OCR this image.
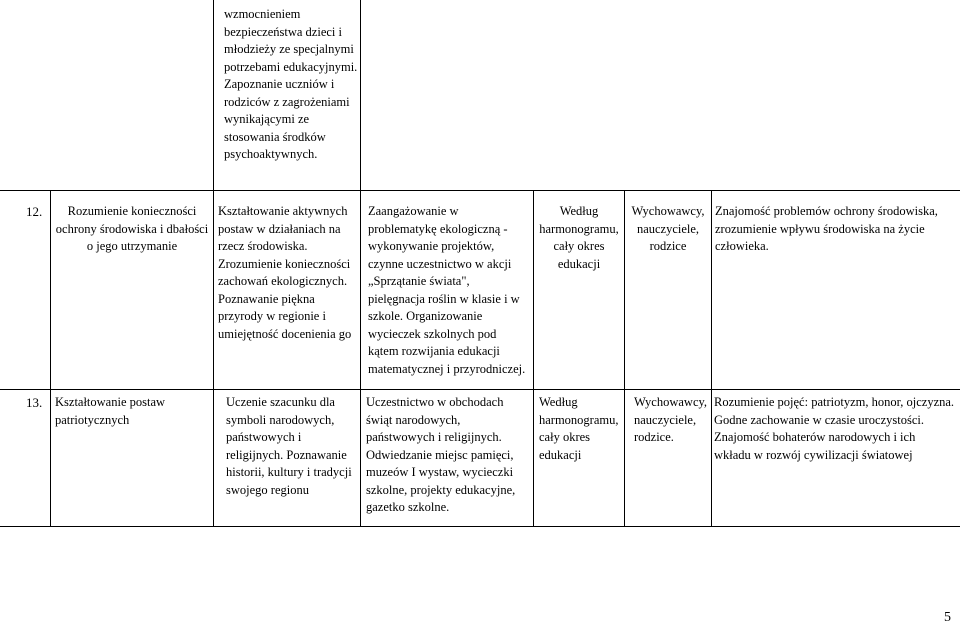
wzmocnieniem
bezpieczeństwa dzieci i
młodzieży ze specjalnymi
potrzebami edukacyjnymi.
Zapoznanie uczniów i
rodziców z zagrożeniami
wynikającymi ze
stosowania środków
psychoaktywnych.
12.	Rozumienie konieczności
ochrony środowiska i dbałości
o jego utrzymanie
Kształtowanie aktywnych
postaw w działaniach na
rzecz środowiska.
Zrozumienie konieczności
zachowań ekologicznych.
Poznawanie piękna
przyrody w regionie i
umiejętność docenienia go
Zaangażowanie w
problematykę ekologiczną -
wykonywanie projektów,
czynne uczestnictwo w akcji
„Sprzątanie świata",
pielęgnacja roślin w klasie i w
szkole. Organizowanie
wycieczek szkolnych pod
kątem rozwijania edukacji
matematycznej i przyrodniczej.
Według
harmonogramu,
cały okres
edukacji
Wychowawcy,
nauczyciele,
rodzice
Znajomość problemów ochrony środowiska,
zrozumienie wpływu środowiska na życie
człowieka.
13.	Kształtowanie postaw
patriotycznych
Uczenie szacunku dla
symboli narodowych,
państwowych i
religijnych. Poznawanie
historii, kultury i tradycji
swojego regionu
Uczestnictwo w obchodach
świąt narodowych,
państwowych i religijnych.
Odwiedzanie miejsc pamięci,
muzeów I wystaw, wycieczki
szkolne, projekty edukacyjne,
gazetko szkolne.
Według
harmonogramu,
cały okres
edukacji
Wychowawcy,
nauczyciele,
rodzice.
Rozumienie pojęć: patriotyzm, honor, ojczyzna.
Godne zachowanie w czasie uroczystości.
Znajomość bohaterów narodowych i ich
wkładu w rozwój cywilizacji światowej
5
